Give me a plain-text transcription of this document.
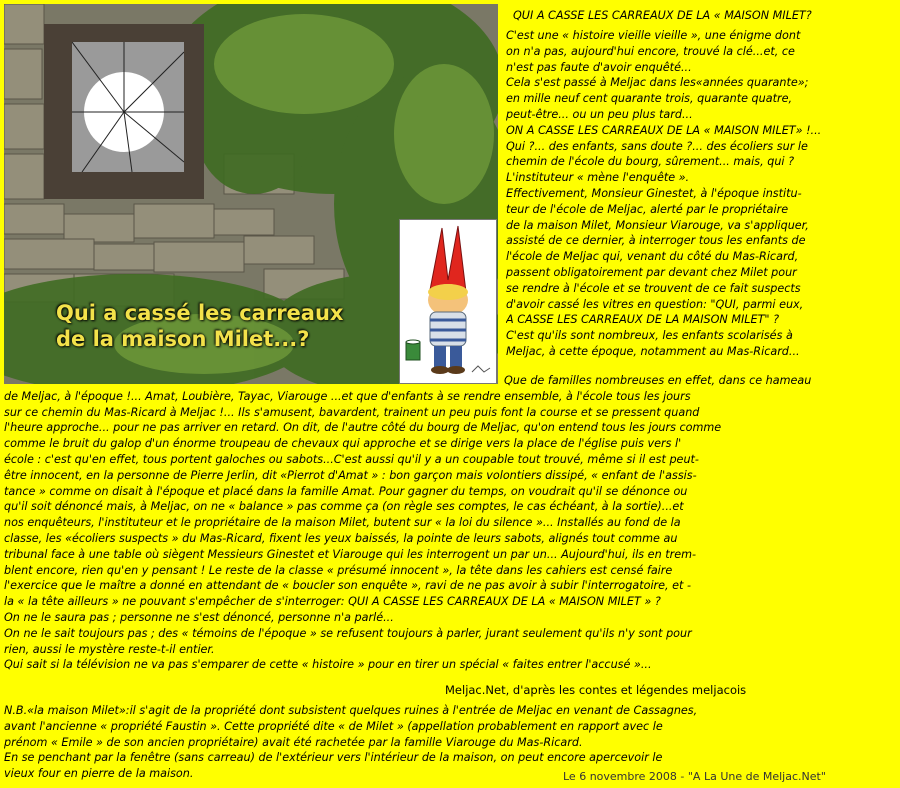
Qui a cassé les carreaux
de la maison Milet...?
QUI A CASSE LES CARREAUX DE LA « MAISON MILET?
C'est une « histoire vieille vieille », une énigme dont
on n'a pas, aujourd'hui encore, trouvé la clé...et, ce
n'est pas faute d'avoir enquêté...
Cela s'est passé à Meljac dans les«années quarante»;
en mille neuf cent quarante trois, quarante quatre,
peut-être... ou un peu plus tard...
ON A CASSE LES CARREAUX DE LA « MAISON MILET» !...
Qui ?... des enfants, sans doute ?... des écoliers sur le
chemin de l'école du bourg, sûrement... mais, qui ?
L'instituteur « mène l'enquête ».
Effectivement, Monsieur Ginestet, à l'époque institu-
teur de l'école de Meljac, alerté par le propriétaire
de la maison Milet, Monsieur Viarouge, va s'appliquer,
assisté de ce dernier, à interroger tous les enfants de
l'école de Meljac qui, venant du côté du Mas-Ricard,
passent obligatoirement par devant chez Milet pour
se rendre à l'école et se trouvent de ce fait suspects
d'avoir cassé les vitres en question: "QUI, parmi eux,
A CASSE LES CARREAUX DE LA MAISON MILET" ?
C'est qu'ils sont nombreux, les enfants scolarisés à
Meljac, à cette époque, notamment au Mas-Ricard...
Que de familles nombreuses en effet, dans ce hameau
de Meljac, à l'époque !... Amat, Loubière, Tayac, Viarouge ...et que d'enfants à se rendre ensemble, à l'école tous les jours
sur ce chemin du Mas-Ricard à Meljac !... Ils s'amusent, bavardent, trainent un peu puis font la course et se pressent quand
l'heure approche... pour ne pas arriver en retard. On dit, de l'autre côté du bourg de Meljac, qu'on entend tous les jours comme
comme le bruit du galop d'un énorme troupeau de chevaux qui approche et se dirige vers la place de l'église puis vers l'
école : c'est qu'en effet, tous portent galoches ou sabots...C'est aussi qu'il y a un coupable tout trouvé, même si il est peut-
être innocent, en la personne de Pierre Jerlin, dit «Pierrot d'Amat » : bon garçon mais volontiers dissipé, « enfant de l'assis-
tance » comme on disait à l'époque et placé dans la famille Amat. Pour gagner du temps, on voudrait qu'il se dénonce ou
qu'il soit dénoncé mais, à Meljac, on ne « balance » pas comme ça (on règle ses comptes, le cas échéant, à la sortie)...et
nos enquêteurs, l'instituteur et le propriétaire de la maison Milet, butent sur « la loi du silence »... Installés au fond de la
classe, les «écoliers suspects » du Mas-Ricard, fixent les yeux baissés, la pointe de leurs sabots, alignés tout comme au
tribunal face à une table où siègent Messieurs Ginestet et Viarouge qui les interrogent un par un... Aujourd'hui, ils en trem-
blent encore, rien qu'en y pensant ! Le reste de la classe « présumé innocent », la tête dans les cahiers est censé faire
l'exercice que le maître a donné en attendant de « boucler son enquête », ravi de ne pas avoir à subir l'interrogatoire, et -
la « la tête ailleurs » ne pouvant s'empêcher de s'interroger: QUI A CASSE LES CARREAUX DE LA « MAISON MILET » ?
On ne le saura pas ; personne ne s'est dénoncé, personne n'a parlé...
On ne le sait toujours pas ; des « témoins de l'époque » se refusent toujours à parler, jurant seulement qu'ils n'y sont pour
rien, aussi le mystère reste-t-il entier.
Qui sait si la télévision ne va pas s'emparer de cette « histoire » pour en tirer un spécial « faites entrer l'accusé »...
Meljac.Net, d'après les contes et légendes meljacois
N.B.«la maison Milet»:il s'agit de la propriété dont subsistent quelques ruines à l'entrée de Meljac en venant de Cassagnes,
avant l'ancienne « propriété Faustin ». Cette propriété dite « de Milet » (appellation probablement en rapport avec le
prénom « Emile » de son ancien propriétaire) avait été rachetée par la famille Viarouge du Mas-Ricard.
En se penchant par la fenêtre (sans carreau) de l'extérieur vers l'intérieur de la maison, on peut encore apercevoir le
vieux four en pierre de la maison.	Le 6 novembre 2008 - "A La Une de Meljac.Net"
